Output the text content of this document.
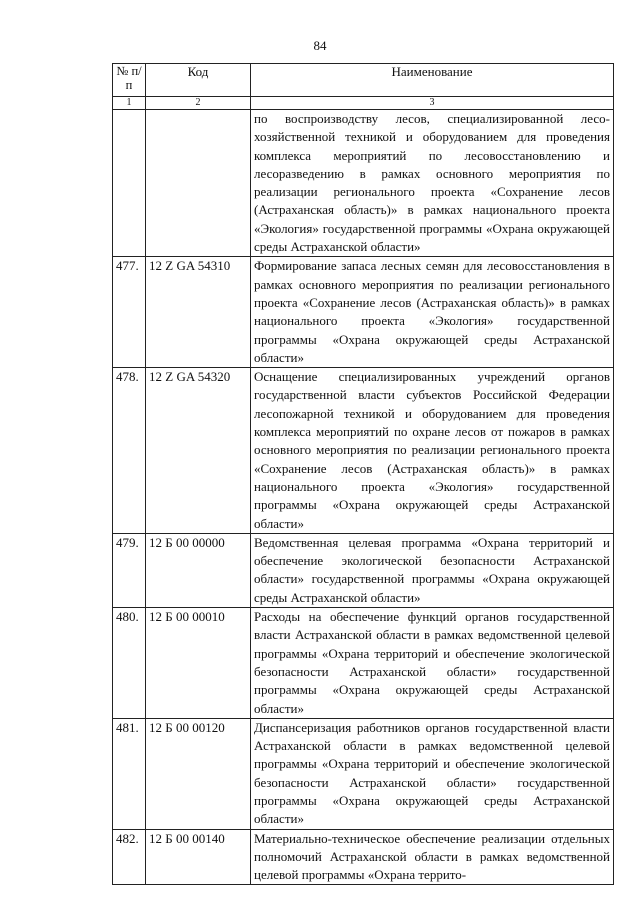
84
№ п/п	Код	Наименование
1	2	3
		по воспроизводству лесов, специализированной лесохозяйственной техникой и оборудованием для проведения комплекса мероприятий по лесовосстановлению и лесоразведению в рамках основного мероприятия по реализации регионального проекта «Сохранение лесов (Астраханская область)» в рамках национального проекта «Экология» государственной программы «Охрана окружающей среды Астраханской области»
477.	12 Z GA 54310	Формирование запаса лесных семян для лесовосстановления в рамках основного мероприятия по реализации регионального проекта «Сохранение лесов (Астраханская область)» в рамках национального проекта «Экология» государственной программы «Охрана окружающей среды Астраханской области»
478.	12 Z GA 54320	Оснащение специализированных учреждений органов государственной власти субъектов Российской Федерации лесопожарной техникой и оборудованием для проведения комплекса мероприятий по охране лесов от пожаров в рамках основного мероприятия по реализации регионального проекта «Сохранение лесов (Астраханская область)» в рамках национального проекта «Экология» государственной программы «Охрана окружающей среды Астраханской области»
479.	12 Б 00 00000	Ведомственная целевая программа «Охрана территорий и обеспечение экологической безопасности Астраханской области» государственной программы «Охрана окружающей среды Астраханской области»
480.	12 Б 00 00010	Расходы на обеспечение функций органов государственной власти Астраханской области в рамках ведомственной целевой программы «Охрана территорий и обеспечение экологической безопасности Астраханской области» государственной программы «Охрана окружающей среды Астраханской области»
481.	12 Б 00 00120	Диспансеризация работников органов государственной власти Астраханской области в рамках ведомственной целевой программы «Охрана территорий и обеспечение экологической безопасности Астраханской области» государственной программы «Охрана окружающей среды Астраханской области»
482.	12 Б 00 00140	Материально-техническое обеспечение реализации отдельных полномочий Астраханской области в рамках ведомственной целевой программы «Охрана террито-
